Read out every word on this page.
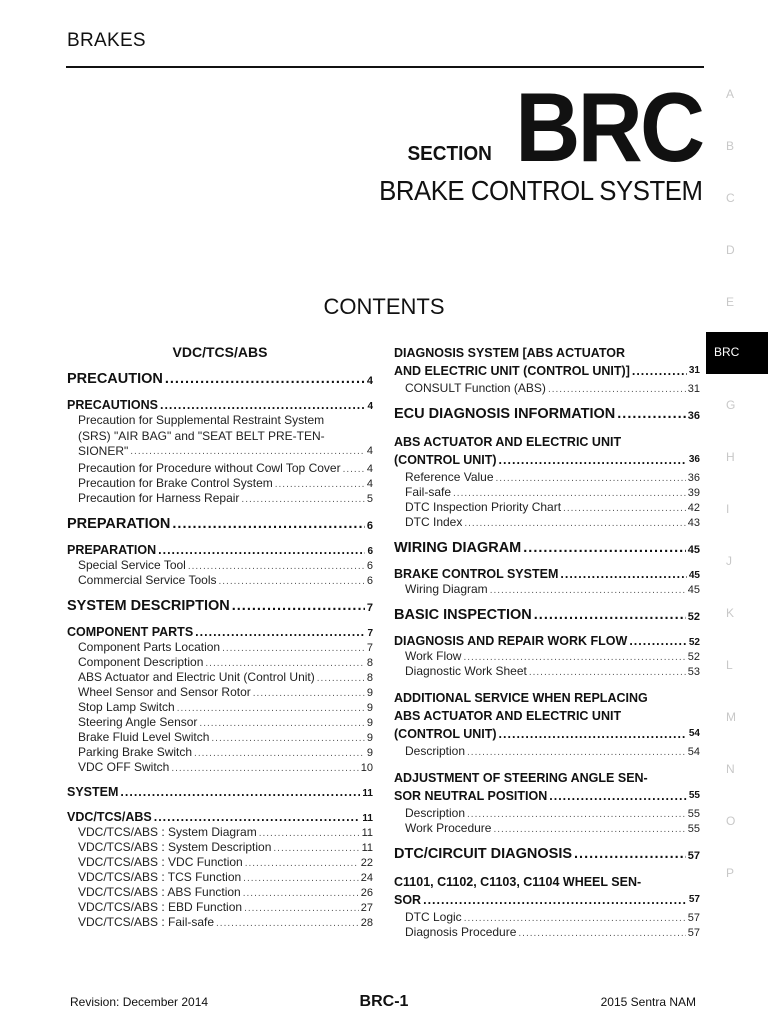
BRAKES
SECTION BRC
BRAKE CONTROL SYSTEM
CONTENTS
A
B
C
D
E
BRC
G
H
I
J
K
L
M
N
O
P
VDC/TCS/ABS
PRECAUTION .....	4
PRECAUTIONS .....	4
Precaution for Supplemental Restraint System
(SRS) "AIR BAG" and "SEAT BELT PRE-TEN-
SIONER" .....	4
Precaution for Procedure without Cowl Top Cover ..... 4
Precaution for Brake Control System .....	4
Precaution for Harness Repair .....	5
PREPARATION .....	6
PREPARATION .....	6
Special Service Tool .....	6
Commercial Service Tools .....	6
SYSTEM DESCRIPTION .....	7
COMPONENT PARTS .....	7
Component Parts Location .....	7
Component Description .....	8
ABS Actuator and Electric Unit (Control Unit) .....	8
Wheel Sensor and Sensor Rotor .....	9
Stop Lamp Switch .....	9
Steering Angle Sensor .....	9
Brake Fluid Level Switch .....	9
Parking Brake Switch .....	9
VDC OFF Switch .....	10
SYSTEM .....	11
VDC/TCS/ABS .....	11
VDC/TCS/ABS : System Diagram .....	11
VDC/TCS/ABS : System Description .....	11
VDC/TCS/ABS : VDC Function .....	22
VDC/TCS/ABS : TCS Function .....	24
VDC/TCS/ABS : ABS Function .....	26
VDC/TCS/ABS : EBD Function .....	27
VDC/TCS/ABS : Fail-safe .....	28
DIAGNOSIS SYSTEM [ABS ACTUATOR
AND ELECTRIC UNIT (CONTROL UNIT)] .....	31
CONSULT Function (ABS) .....	31
ECU DIAGNOSIS INFORMATION .....	36
ABS ACTUATOR AND ELECTRIC UNIT
(CONTROL UNIT) .....	36
Reference Value .....	36
Fail-safe .....	39
DTC Inspection Priority Chart .....	42
DTC Index .....	43
WIRING DIAGRAM .....	45
BRAKE CONTROL SYSTEM .....	45
Wiring Diagram .....	45
BASIC INSPECTION .....	52
DIAGNOSIS AND REPAIR WORK FLOW .....	52
Work Flow .....	52
Diagnostic Work Sheet .....	53
ADDITIONAL SERVICE WHEN REPLACING
ABS ACTUATOR AND ELECTRIC UNIT
(CONTROL UNIT) .....	54
Description .....	54
ADJUSTMENT OF STEERING ANGLE SEN-
SOR NEUTRAL POSITION .....	55
Description .....	55
Work Procedure .....	55
DTC/CIRCUIT DIAGNOSIS .....	57
C1101, C1102, C1103, C1104 WHEEL SEN-
SOR .....	57
DTC Logic .....	57
Diagnosis Procedure .....	57
Revision: December 2014	BRC-1	2015 Sentra NAM
